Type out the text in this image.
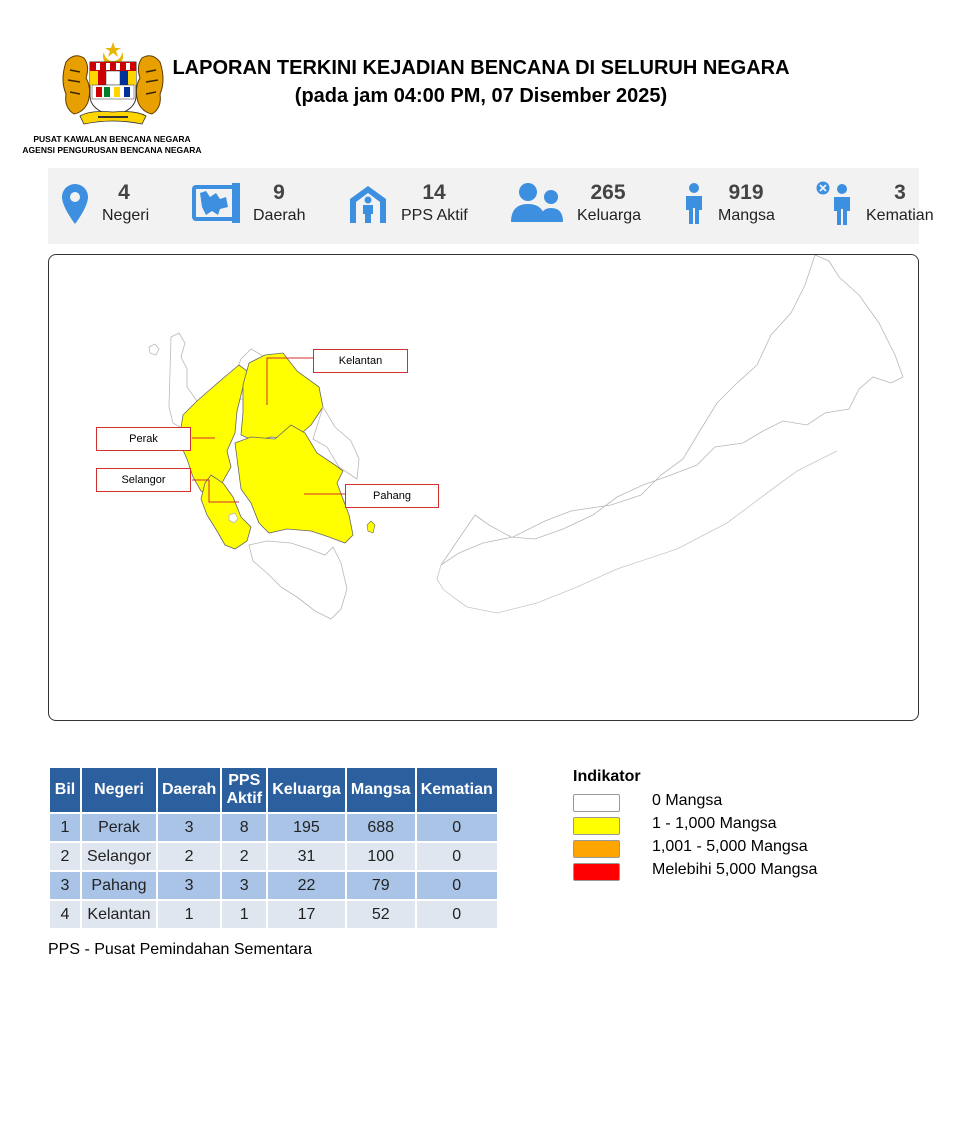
PUSAT KAWALAN BENCANA NEGARA
AGENSI PENGURUSAN BENCANA NEGARA
LAPORAN TERKINI KEJADIAN BENCANA DI SELURUH NEGARA
(pada jam 04:00 PM, 07 Disember 2025)
4
Negeri
9
Daerah
14
PPS Aktif
265
Keluarga
919
Mangsa
3
Kematian
Kelantan
Perak
Selangor
Pahang
Bil	Negeri	Daerah	PPS Aktif	Keluarga	Mangsa	Kematian
1	Perak	3	8	195	688	0
2	Selangor	2	2	31	100	0
3	Pahang	3	3	22	79	0
4	Kelantan	1	1	17	52	0
PPS - Pusat Pemindahan Sementara
Indikator
0 Mangsa
1 - 1,000 Mangsa
1,001 - 5,000 Mangsa
Melebihi 5,000 Mangsa
